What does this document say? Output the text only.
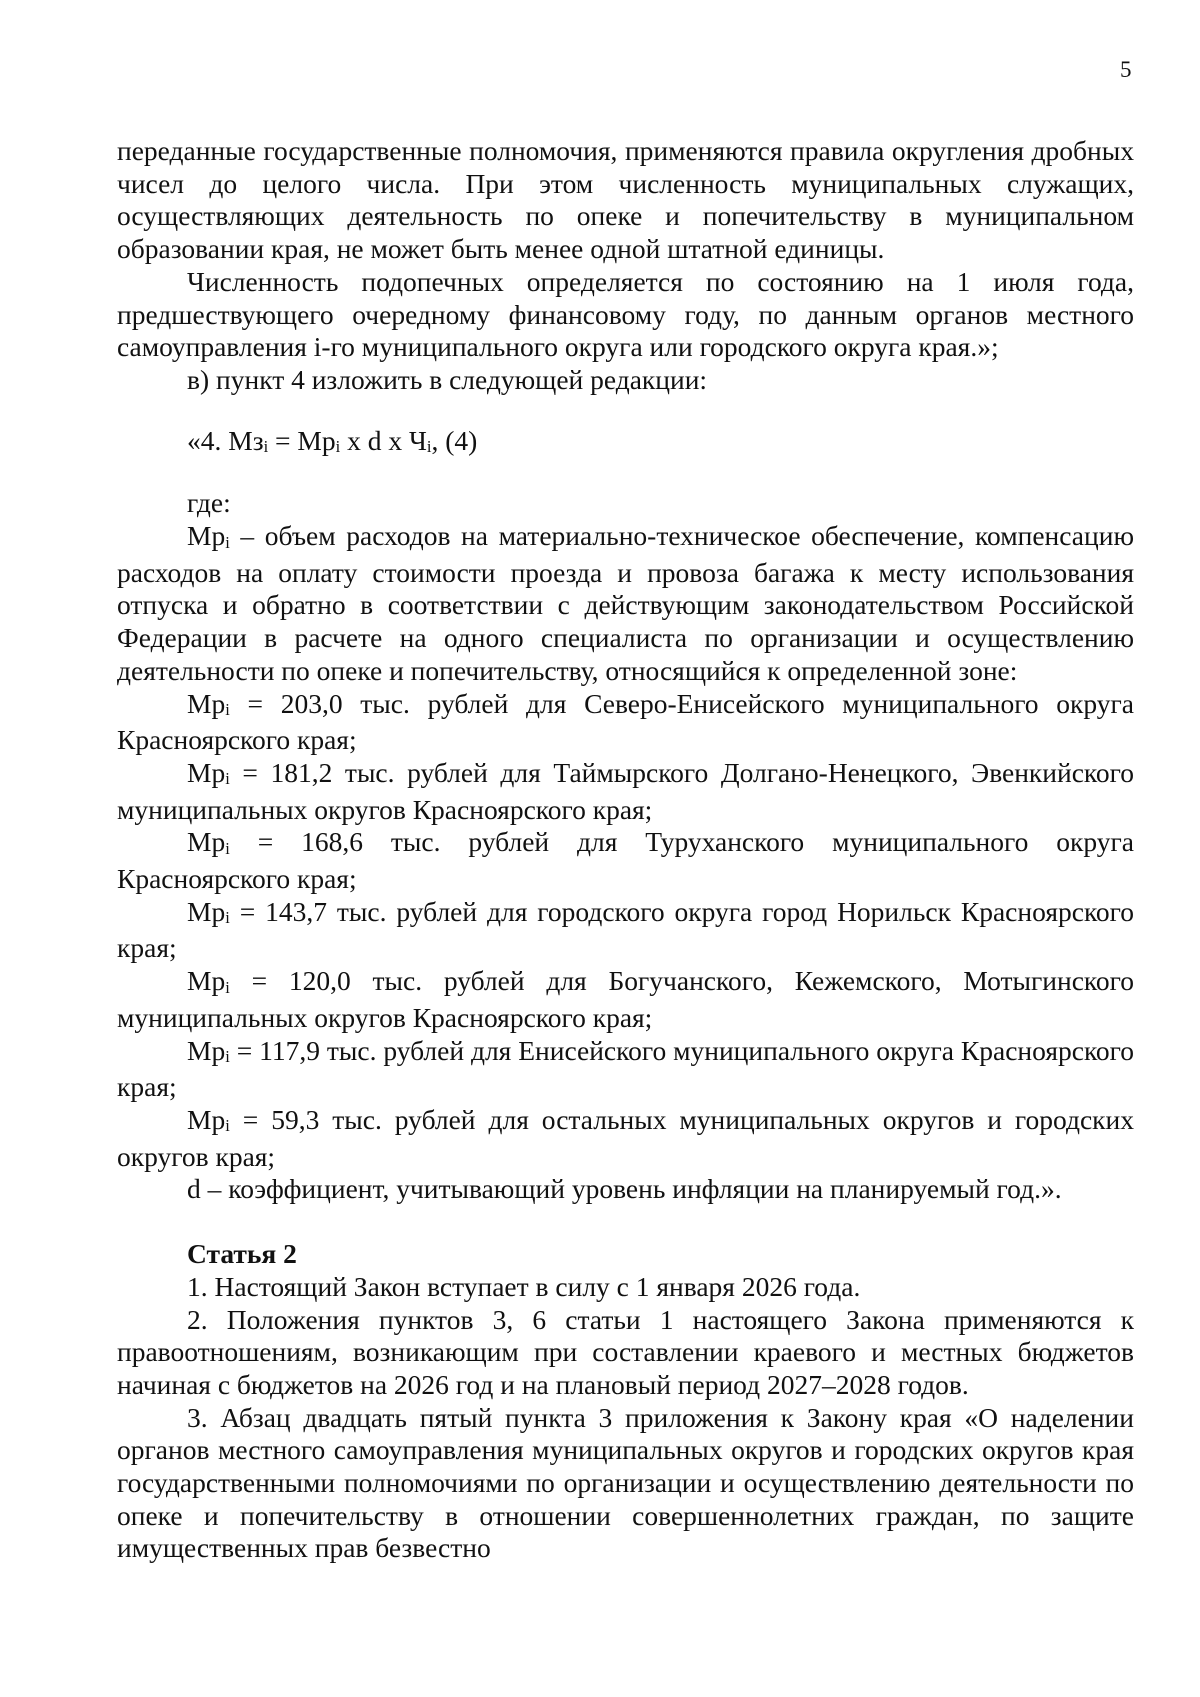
5

переданные государственные полномочия, применяются правила округления дробных чисел до целого числа. При этом численность муниципальных служащих, осуществляющих деятельность по опеке и попечительству в муниципальном образовании края, не может быть менее одной штатной единицы.

Численность подопечных определяется по состоянию на 1 июля года, предшествующего очередному финансовому году, по данным органов местного самоуправления i-го муниципального округа или городского округа края.»;

в) пункт 4 изложить в следующей редакции:

«4. $Мз_i = Мр_i$ x d x $Ч_i$, (4)

где:

$Мр_i$ – объем расходов на материально-техническое обеспечение, компенсацию расходов на оплату стоимости проезда и провоза багажа к месту использования отпуска и обратно в соответствии с действующим законодательством Российской Федерации в расчете на одного специалиста по организации и осуществлению деятельности по опеке и попечительству, относящийся к определенной зоне:

$Мр_i = 203,0$ тыс. рублей для Северо-Енисейского муниципального округа Красноярского края;

$Мр_i = 181,2$ тыс. рублей для Таймырского Долгано-Ненецкого, Эвенкийского муниципальных округов Красноярского края;

$Мр_i = 168,6$ тыс. рублей для Туруханского муниципального округа Красноярского края;

$Мр_i = 143,7$ тыс. рублей для городского округа город Норильск Красноярского края;

$Мр_i = 120,0$ тыс. рублей для Богучанского, Кежемского, Мотыгинского муниципальных округов Красноярского края;

$Мр_i = 117,9$ тыс. рублей для Енисейского муниципального округа Красноярского края;

$Мр_i = 59,3$ тыс. рублей для остальных муниципальных округов и городских округов края;

d – коэффициент, учитывающий уровень инфляции на планируемый год.».

Статья 2

1. Настоящий Закон вступает в силу с 1 января 2026 года.

2. Положения пунктов 3, 6 статьи 1 настоящего Закона применяются к правоотношениям, возникающим при составлении краевого и местных бюджетов начиная с бюджетов на 2026 год и на плановый период 2027–2028 годов.

3. Абзац двадцать пятый пункта 3 приложения к Закону края «О наделении органов местного самоуправления муниципальных округов и городских округов края государственными полномочиями по организации и осуществлению деятельности по опеке и попечительству в отношении совершеннолетних граждан, по защите имущественных прав безвестно
